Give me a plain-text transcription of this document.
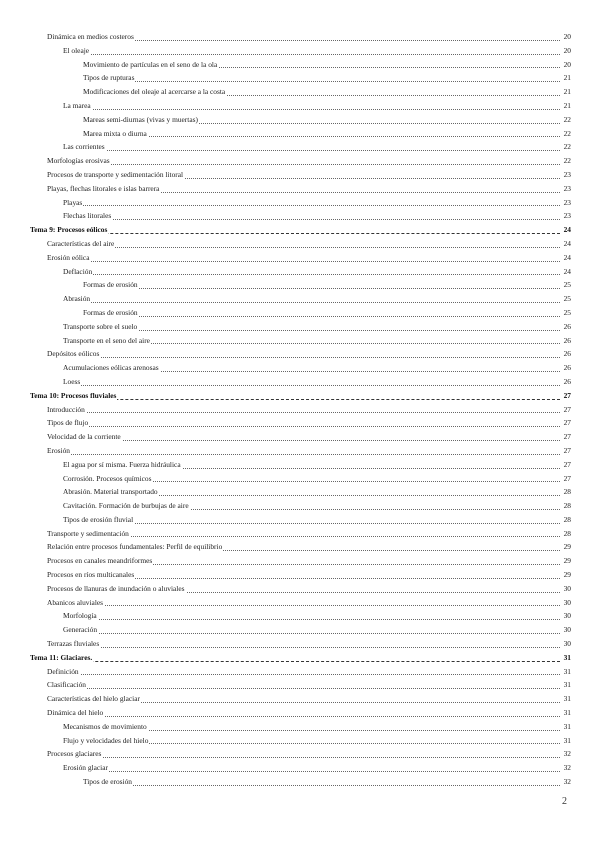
Dinámica en medios costeros	20
El oleaje	20
Movimiento de partículas en el seno de la ola	20
Tipos de rupturas	21
Modificaciones del oleaje al acercarse a la costa	21
La marea	21
Mareas semi-diurnas (vivas y muertas)	22
Marea mixta o diurna	22
Las corrientes	22
Morfologías erosivas	22
Procesos de transporte y sedimentación litoral	23
Playas, flechas litorales e islas barrera	23
Playas	23
Flechas litorales	23
Tema 9: Procesos eólicos	24
Características del aire	24
Erosión eólica	24
Deflación	24
Formas de erosión	25
Abrasión	25
Formas de erosión	25
Transporte sobre el suelo	26
Transporte en el seno del aire	26
Depósitos eólicos	26
Acumulaciones eólicas arenosas	26
Loess	26
Tema 10: Procesos fluviales	27
Introducción	27
Tipos de flujo	27
Velocidad de la corriente	27
Erosión	27
El agua por sí misma. Fuerza hidráulica	27
Corrosión. Procesos químicos	27
Abrasión. Material transportado	28
Cavitación. Formación de burbujas de aire	28
Tipos de erosión fluvial	28
Transporte y sedimentación	28
Relación entre procesos fundamentales: Perfil de equilibrio	29
Procesos en canales meandriformes	29
Procesos en ríos multicanales	29
Procesos de llanuras de inundación o aluviales	30
Abanicos aluviales	30
Morfología	30
Generación	30
Terrazas fluviales	30
Tema 11: Glaciares.	31
Definición	31
Clasificación	31
Características del hielo glaciar	31
Dinámica del hielo	31
Mecanismos de movimiento	31
Flujo y velocidades del hielo	31
Procesos glaciares	32
Erosión glaciar	32
Tipos de erosión	32
2
